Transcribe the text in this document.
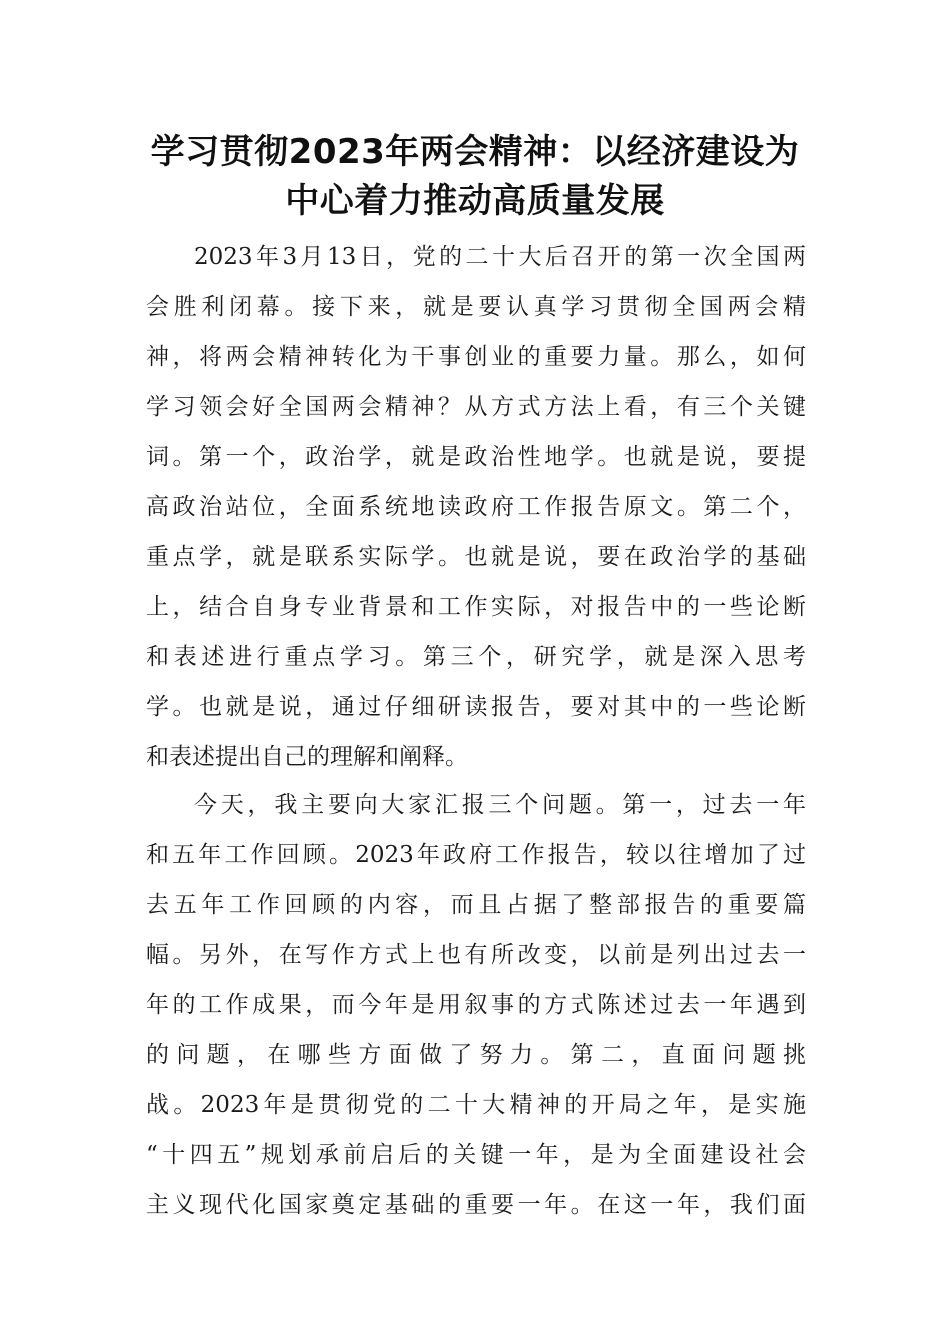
学习贯彻2023年两会精神：以经济建设为
中心着力推动高质量发展
2023年3月13日，党的二十大后召开的第一次全国两
会胜利闭幕。接下来，就是要认真学习贯彻全国两会精
神，将两会精神转化为干事创业的重要力量。那么，如何
学习领会好全国两会精神？从方式方法上看，有三个关键
词。第一个，政治学，就是政治性地学。也就是说，要提
高政治站位，全面系统地读政府工作报告原文。第二个，
重点学，就是联系实际学。也就是说，要在政治学的基础
上，结合自身专业背景和工作实际，对报告中的一些论断
和表述进行重点学习。第三个，研究学，就是深入思考
学。也就是说，通过仔细研读报告，要对其中的一些论断
和表述提出自己的理解和阐释。
今天，我主要向大家汇报三个问题。第一，过去一年
和五年工作回顾。2023年政府工作报告，较以往增加了过
去五年工作回顾的内容，而且占据了整部报告的重要篇
幅。另外，在写作方式上也有所改变，以前是列出过去一
年的工作成果，而今年是用叙事的方式陈述过去一年遇到
的问题，在哪些方面做了努力。第二，直面问题挑
战。2023年是贯彻党的二十大精神的开局之年，是实施
“十四五”规划承前启后的关键一年，是为全面建设社会
主义现代化国家奠定基础的重要一年。在这一年，我们面
